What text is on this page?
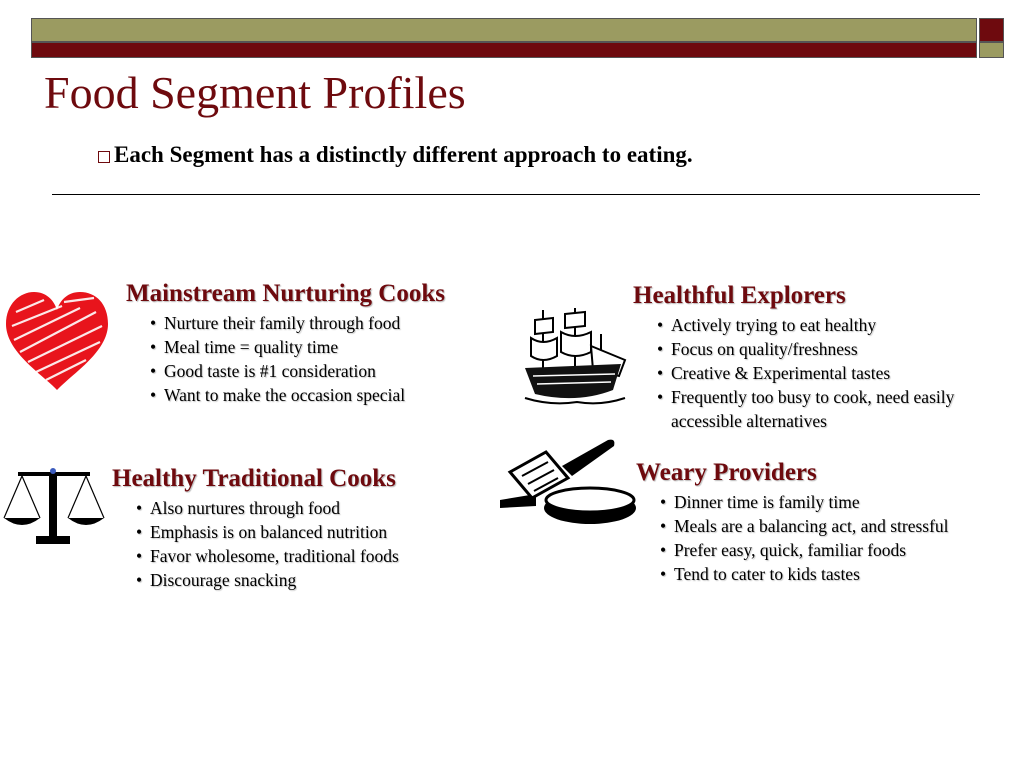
Food Segment Profiles
Each Segment has a distinctly different approach to eating.
Mainstream Nurturing Cooks
• Nurture their family through food
• Meal time = quality time
• Good taste is #1 consideration
• Want to make the occasion special
Healthful Explorers
• Actively trying to eat healthy
• Focus on quality/freshness
• Creative & Experimental tastes
• Frequently too busy to cook, need easily accessible alternatives
Healthy Traditional Cooks
• Also nurtures through food
• Emphasis is on balanced nutrition
• Favor wholesome, traditional foods
• Discourage snacking
Weary Providers
• Dinner time is family time
• Meals are a balancing act, and stressful
• Prefer easy, quick, familiar foods
• Tend to cater to kids tastes
